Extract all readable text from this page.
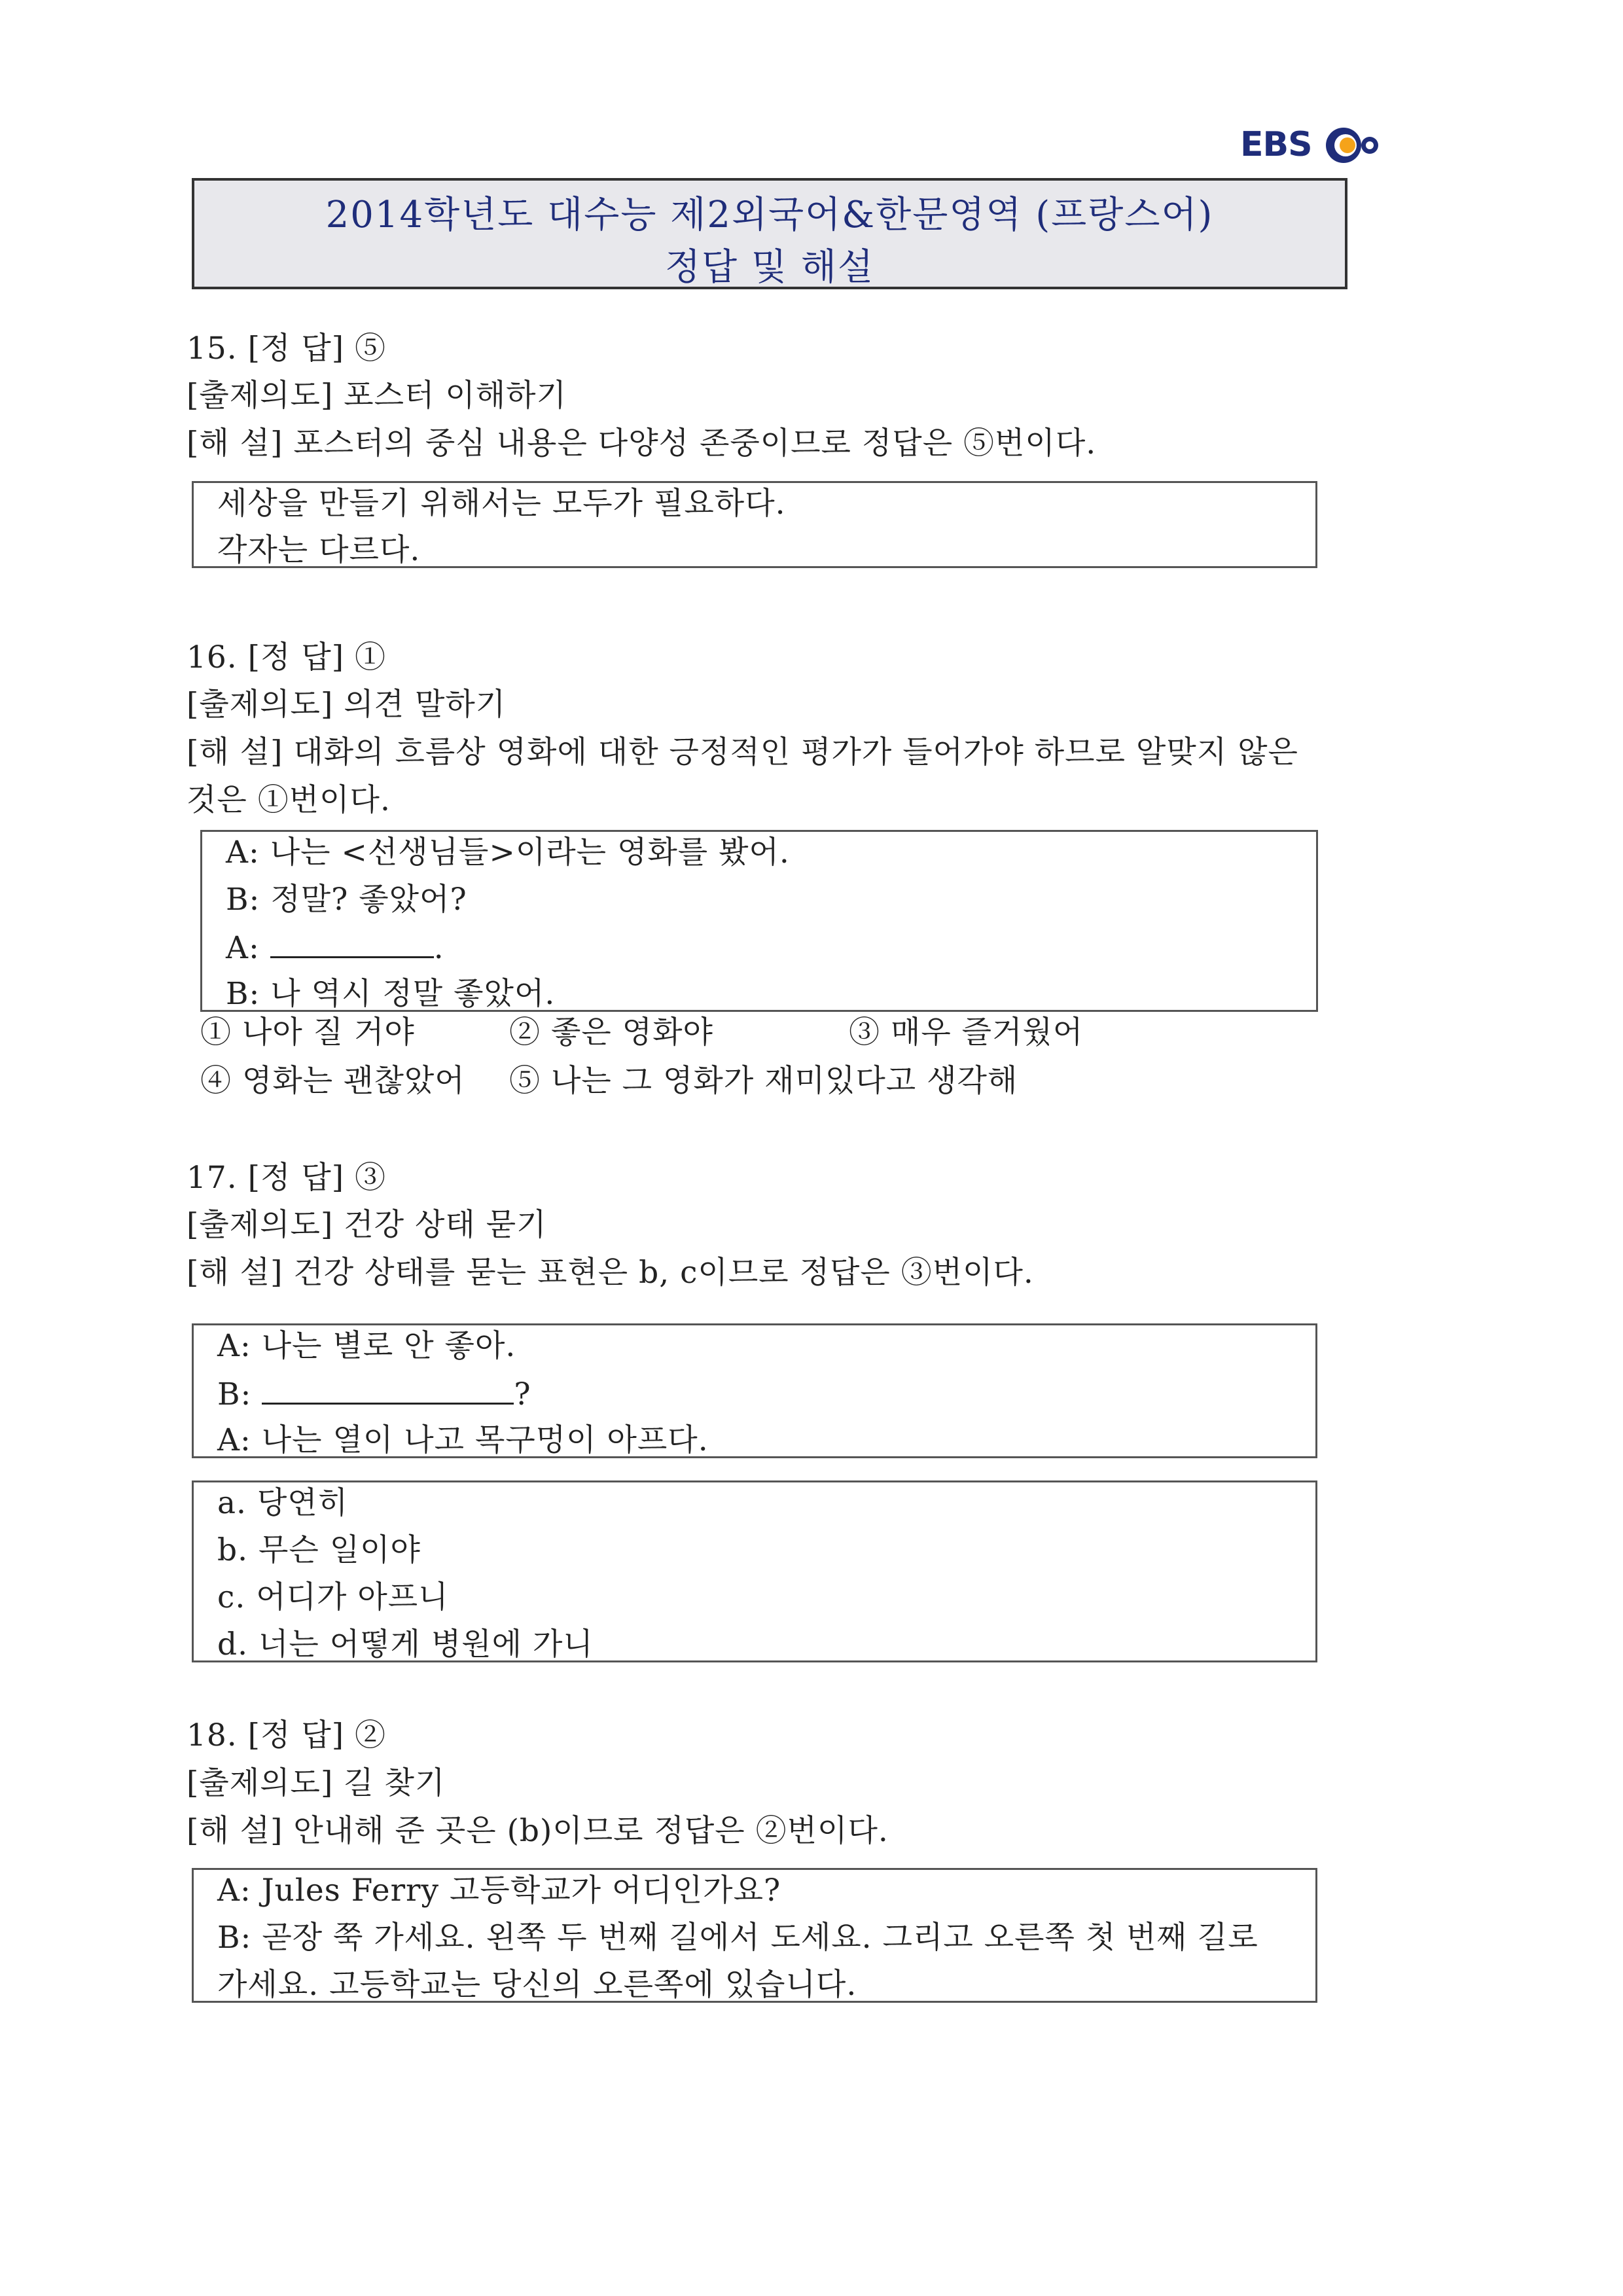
EBS
2014학년도 대수능 제2외국어&한문영역 (프랑스어)
정답 및 해설
15. [정 답] ⑤
[출제의도] 포스터 이해하기
[해 설] 포스터의 중심 내용은 다양성 존중이므로 정답은 ⑤번이다.
세상을 만들기 위해서는 모두가 필요하다.
각자는 다르다.
16. [정 답] ①
[출제의도] 의견 말하기
[해 설] 대화의 흐름상 영화에 대한 긍정적인 평가가 들어가야 하므로 알맞지 않은
것은 ①번이다.
A: 나는 <선생님들>이라는 영화를 봤어.
B: 정말? 좋았어?
A:	.
B: 나 역시 정말 좋았어.
① 나아 질 거야	② 좋은 영화야	③ 매우 즐거웠어
④ 영화는 괜찮았어 ⑤ 나는 그 영화가 재미있다고 생각해
17. [정 답] ③
[출제의도] 건강 상태 묻기
[해 설] 건강 상태를 묻는 표현은 b, c이므로 정답은 ③번이다.
A: 나는 별로 안 좋아.
B:	?
A: 나는 열이 나고 목구멍이 아프다.
a. 당연히
b. 무슨 일이야
c. 어디가 아프니
d. 너는 어떻게 병원에 가니
18. [정 답] ②
[출제의도] 길 찾기
[해 설] 안내해 준 곳은 (b)이므로 정답은 ②번이다.
A: Jules Ferry 고등학교가 어디인가요?
B: 곧장 쭉 가세요. 왼쪽 두 번째 길에서 도세요. 그리고 오른쪽 첫 번째 길로
가세요. 고등학교는 당신의 오른쪽에 있습니다.
